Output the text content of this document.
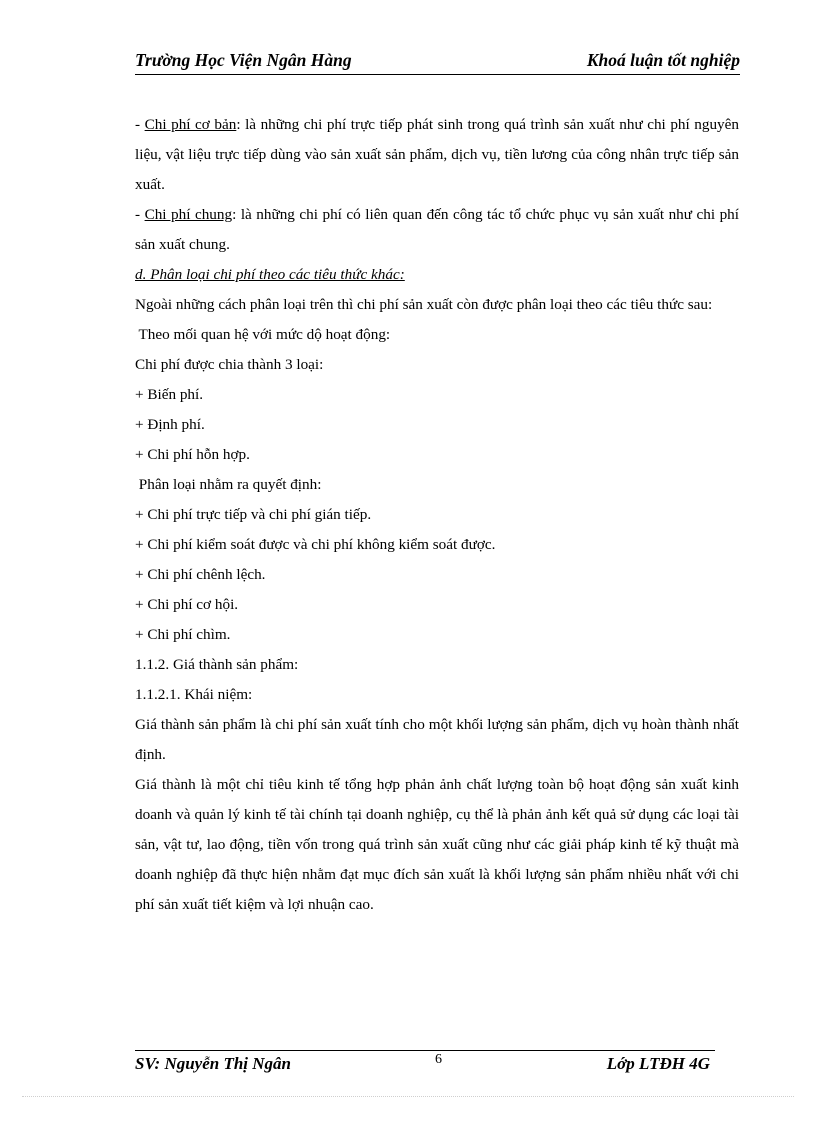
Trường Học Viện Ngân Hàng	Khoá luận tốt nghiệp

- Chi phí cơ bản: là những chi phí trực tiếp phát sinh trong quá trình sản xuất như chi phí nguyên liệu, vật liệu trực tiếp dùng vào sản xuất sản phẩm, dịch vụ, tiền lương của công nhân trực tiếp sản xuất.

- Chi phí chung: là những chi phí có liên quan đến công tác tổ chức phục vụ sản xuất như chi phí sản xuất chung.

d. Phân loại chi phí theo các tiêu thức khác:

Ngoài những cách phân loại trên thì chi phí sản xuất còn được phân loại theo các tiêu thức sau:

Theo mối quan hệ với mức dộ hoạt động:

Chi phí được chia thành 3 loại:

+ Biến phí.

+ Định phí.

+ Chi phí hỗn hợp.

Phân loại nhằm ra quyết định:

+ Chi phí trực tiếp và chi phí gián tiếp.

+ Chi phí kiểm soát được và chi phí không kiểm soát được.

+ Chi phí chênh lệch.

+ Chi phí cơ hội.

+ Chi phí chìm.

1.1.2. Giá thành sản phẩm:

1.1.2.1. Khái niệm:

Giá thành sản phẩm là chi phí sản xuất tính cho một khối lượng sản phẩm, dịch vụ hoàn thành nhất định.

Giá thành là một chỉ tiêu kinh tế tổng hợp phản ảnh chất lượng toàn bộ hoạt động sản xuất kinh doanh và quản lý kinh tế tài chính tại doanh nghiệp, cụ thể là phản ảnh kết quả sử dụng các loại tài sản, vật tư, lao động, tiền vốn trong quá trình sản xuất cũng như các giải pháp kinh tế kỹ thuật mà doanh nghiệp đã thực hiện nhằm đạt mục đích sản xuất là khối lượng sản phẩm nhiều nhất với chi phí sản xuất tiết kiệm và lợi nhuận cao.

SV: Nguyễn Thị Ngân	6	Lớp LTĐH 4G
